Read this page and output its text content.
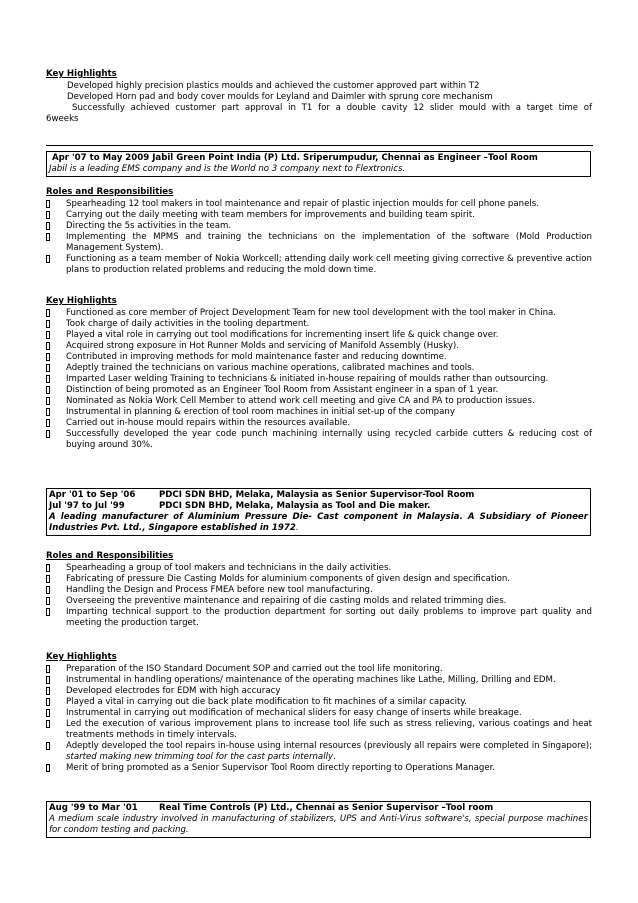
Key Highlights
Developed highly precision plastics moulds and achieved the customer approved part within T2
Developed Horn pad and body cover moulds for Leyland and Daimler with sprung core mechanism
Successfully achieved customer part approval in T1 for a double cavity 12 slider mould with a target time of
6weeks
Apr '07 to May 2009 Jabil Green Point India (P) Ltd. Sriperumpudur, Chennai as Engineer –Tool Room
Jabil is a leading EMS company and is the World no 3 company next to Flextronics.
Roles and Responsibilities
Spearheading 12 tool makers in tool maintenance and repair of plastic injection moulds for cell phone panels.
Carrying out the daily meeting with team members for improvements and building team spirit.
Directing the 5s activities in the team.
Implementing the MPMS and training the technicians on the implementation of the software (Mold Production Management System).
Functioning as a team member of Nokia Workcell; attending daily work cell meeting giving corrective & preventive action plans to production related problems and reducing the mold down time.
Key Highlights
Functioned as core member of Project Development Team for new tool development with the tool maker in China.
Took charge of daily activities in the tooling department.
Played a vital role in carrying out tool modifications for incrementing insert life & quick change over.
Acquired strong exposure in Hot Runner Molds and servicing of Manifold Assembly (Husky).
Contributed in improving methods for mold maintenance faster and reducing downtime.
Adeptly trained the technicians on various machine operations, calibrated machines and tools.
Imparted Laser welding Training to technicians & initiated in-house repairing of moulds rather than outsourcing.
Distinction of being promoted as an Engineer Tool Room from Assistant engineer in a span of 1 year.
Nominated as Nokia Work Cell Member to attend work cell meeting and give CA and PA to production issues.
Instrumental in planning & erection of tool room machines in initial set-up of the company
Carried out in-house mould repairs within the resources available.
Successfully developed the year code punch machining internally using recycled carbide cutters & reducing cost of buying around 30%.
Apr '01 to Sep '06	PDCI SDN BHD, Melaka, Malaysia as Senior Supervisor-Tool Room
Jul '97 to Jul '99	PDCI SDN BHD, Melaka, Malaysia as Tool and Die maker.
A leading manufacturer of Aluminium Pressure Die- Cast component in Malaysia. A Subsidiary of Pioneer Industries Pvt. Ltd., Singapore established in 1972.
Roles and Responsibilities
Spearheading a group of tool makers and technicians in the daily activities.
Fabricating of pressure Die Casting Molds for aluminium components of given design and specification.
Handling the Design and Process FMEA before new tool manufacturing.
Overseeing the preventive maintenance and repairing of die casting molds and related trimming dies.
Imparting technical support to the production department for sorting out daily problems to improve part quality and meeting the production target.
Key Highlights
Preparation of the ISO Standard Document SOP and carried out the tool life monitoring.
Instrumental in handling operations/ maintenance of the operating machines like Lathe, Milling, Drilling and EDM.
Developed electrodes for EDM with high accuracy
Played a vital in carrying out die back plate modification to fit machines of a similar capacity.
Instrumental in carrying out modification of mechanical sliders for easy change of inserts while breakage.
Led the execution of various improvement plans to increase tool life such as stress relieving, various coatings and heat treatments methods in timely intervals.
Adeptly developed the tool repairs in-house using internal resources (previously all repairs were completed in Singapore); started making new trimming tool for the cast parts internally.
Merit of bring promoted as a Senior Supervisor Tool Room directly reporting to Operations Manager.
Aug '99 to Mar '01	Real Time Controls (P) Ltd., Chennai as Senior Supervisor –Tool room
A medium scale industry involved in manufacturing of stabilizers, UPS and Anti-Virus software's, special purpose machines for condom testing and packing.
